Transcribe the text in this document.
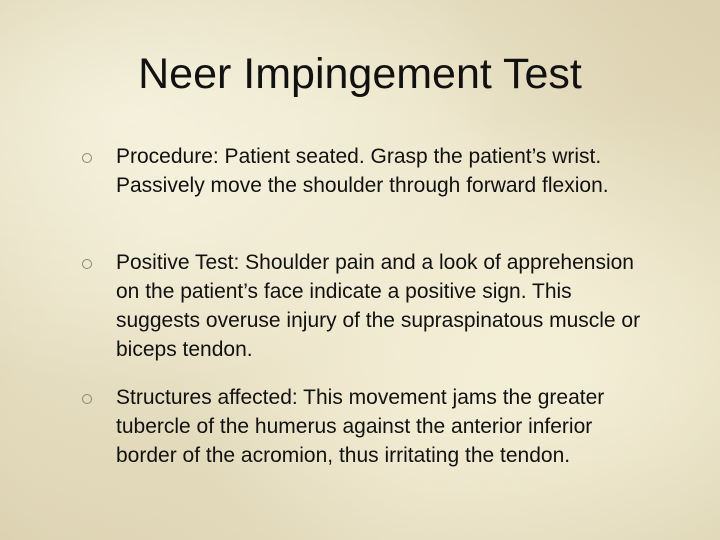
Neer Impingement Test
Procedure: Patient seated. Grasp the patient’s wrist. Passively move the shoulder through forward flexion.
Positive Test: Shoulder pain and a look of apprehension on the patient’s face indicate a positive sign. This suggests overuse injury of the supraspinatous muscle or biceps tendon.
Structures affected: This movement jams the greater tubercle of the humerus against the anterior inferior border of the acromion, thus irritating the tendon.
